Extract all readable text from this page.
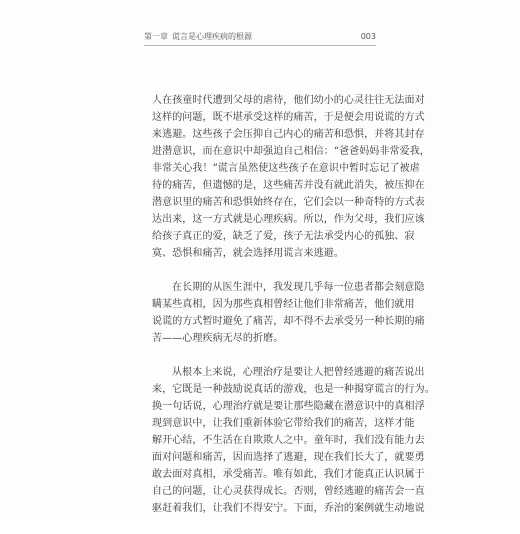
第一章 谎言是心理疾病的根源	003
人在孩童时代遭到父母的虐待，他们幼小的心灵往往无法面对
这样的问题，既不堪承受这样的痛苦，于是便会用说谎的方式
来逃避。这些孩子会压抑自己内心的痛苦和恐惧，并将其封存
进潜意识，而在意识中却强迫自己相信：“爸爸妈妈非常爱我，
非常关心我！”谎言虽然使这些孩子在意识中暂时忘记了被虐
待的痛苦，但遗憾的是，这些痛苦并没有就此消失，被压抑在
潜意识里的痛苦和恐惧始终存在，它们会以一种奇特的方式表
达出来，这一方式就是心理疾病。所以，作为父母，我们应该
给孩子真正的爱，缺乏了爱，孩子无法承受内心的孤独、寂
寞、恐惧和痛苦，就会选择用谎言来逃避。
在长期的从医生涯中，我发现几乎每一位患者都会刻意隐
瞒某些真相，因为那些真相曾经让他们非常痛苦，他们就用
说谎的方式暂时避免了痛苦，却不得不去承受另一种长期的痛
苦——心理疾病无尽的折磨。
从根本上来说，心理治疗是要让人把曾经逃避的痛苦说出
来，它既是一种鼓励说真话的游戏，也是一种揭穿谎言的行为。
换一句话说，心理治疗就是要让那些隐藏在潜意识中的真相浮
现到意识中，让我们重新体验它带给我们的痛苦，这样才能
解开心结，不生活在自欺欺人之中。童年时，我们没有能力去
面对问题和痛苦，因而选择了逃避，现在我们长大了，就要勇
敢去面对真相，承受痛苦。唯有如此，我们才能真正认识属于
自己的问题，让心灵获得成长。否则，曾经逃避的痛苦会一直
驱赶着我们，让我们不得安宁。下面，乔治的案例就生动地说
